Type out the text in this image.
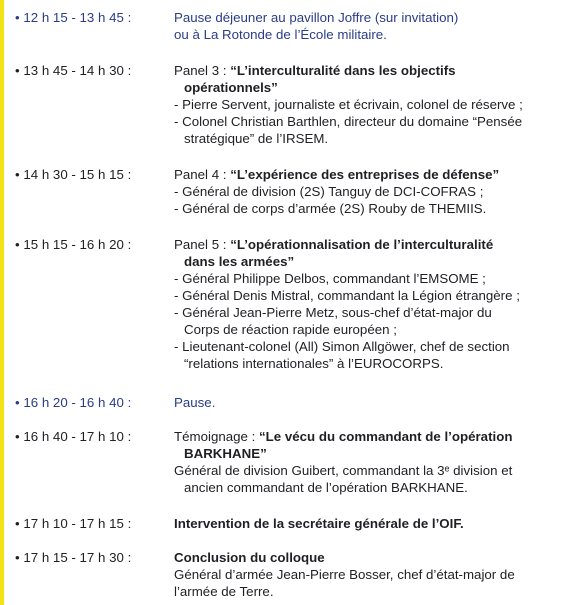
• 12 h 15 - 13 h 45 :	Pause déjeuner au pavillon Joffre (sur invitation)
ou à La Rotonde de l’École militaire.
• 13 h 45 - 14 h 30 :	Panel 3 : “L’interculturalité dans les objectifs
opérationnels”
- Pierre Servent, journaliste et écrivain, colonel de réserve ;
- Colonel Christian Barthlen, directeur du domaine “Pensée
stratégique” de l’IRSEM.
• 14 h 30 - 15 h 15 :	Panel 4 : “L’expérience des entreprises de défense”
- Général de division (2S) Tanguy de DCI-COFRAS ;
- Général de corps d’armée (2S) Rouby de THEMIIS.
• 15 h 15 - 16 h 20 :	Panel 5 : “L’opérationnalisation de l’interculturalité
dans les armées”
- Général Philippe Delbos, commandant l’EMSOME ;
- Général Denis Mistral, commandant la Légion étrangère ;
- Général Jean-Pierre Metz, sous-chef d’état-major du
Corps de réaction rapide européen ;
- Lieutenant-colonel (All) Simon Allgöwer, chef de section
“relations internationales” à l’EUROCORPS.
• 16 h 20 - 16 h 40 :	Pause.
• 16 h 40 - 17 h 10 :	Témoignage : “Le vécu du commandant de l’opération
BARKHANE”
Général de division Guibert, commandant la 3ᵉ division et
ancien commandant de l’opération BARKHANE.
• 17 h 10 - 17 h 15 :	Intervention de la secrétaire générale de l’OIF.
• 17 h 15 - 17 h 30 :	Conclusion du colloque
Général d’armée Jean-Pierre Bosser, chef d’état-major de
l’armée de Terre.
